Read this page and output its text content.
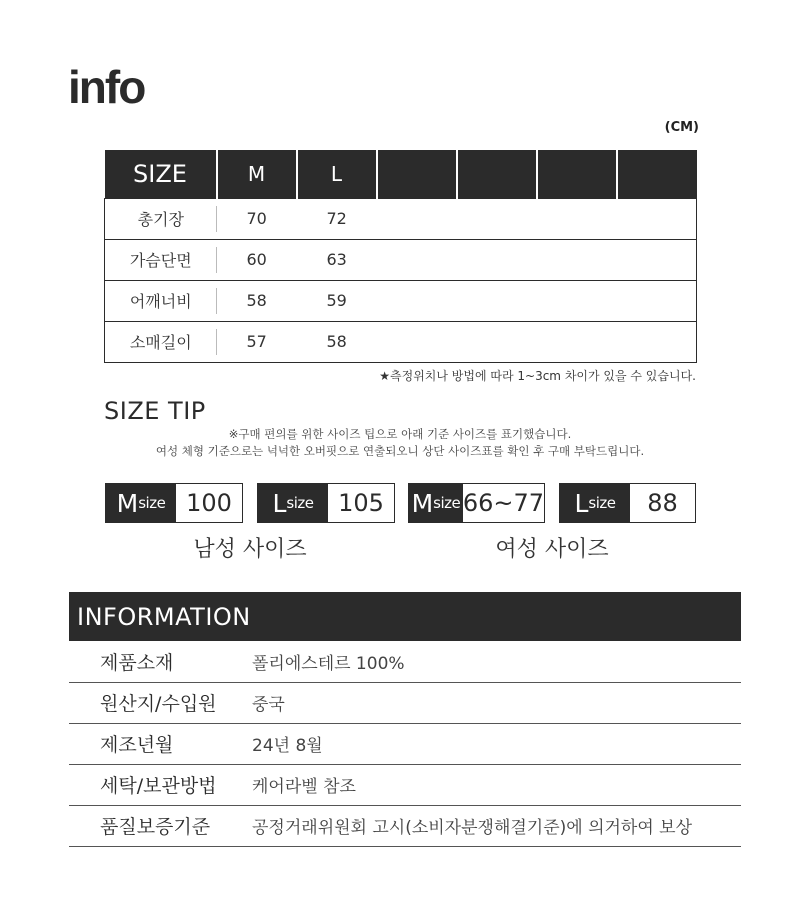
info
(CM)
SIZE	M	L				
총기장	70	72				
가슴단면	60	63				
어깨너비	58	59				
소매길이	57	58				
★측정위치나 방법에 따라 1~3cm 차이가 있을 수 있습니다.
SIZE TIP
※구매 편의를 위한 사이즈 팁으로 아래 기준 사이즈를 표기했습니다.
여성 체형 기준으로는 넉넉한 오버핏으로 연출되오니 상단 사이즈표를 확인 후 구매 부탁드립니다.
M size 100	L size	105	M size 66~77 L size	88
남성 사이즈	여성 사이즈
INFORMATION
제품소재	폴리에스테르 100%
원산지/수입원	중국
제조년월	24년 8월
세탁/보관방법	케어라벨 참조
품질보증기준	공정거래위원회 고시(소비자분쟁해결기준)에 의거하여 보상
